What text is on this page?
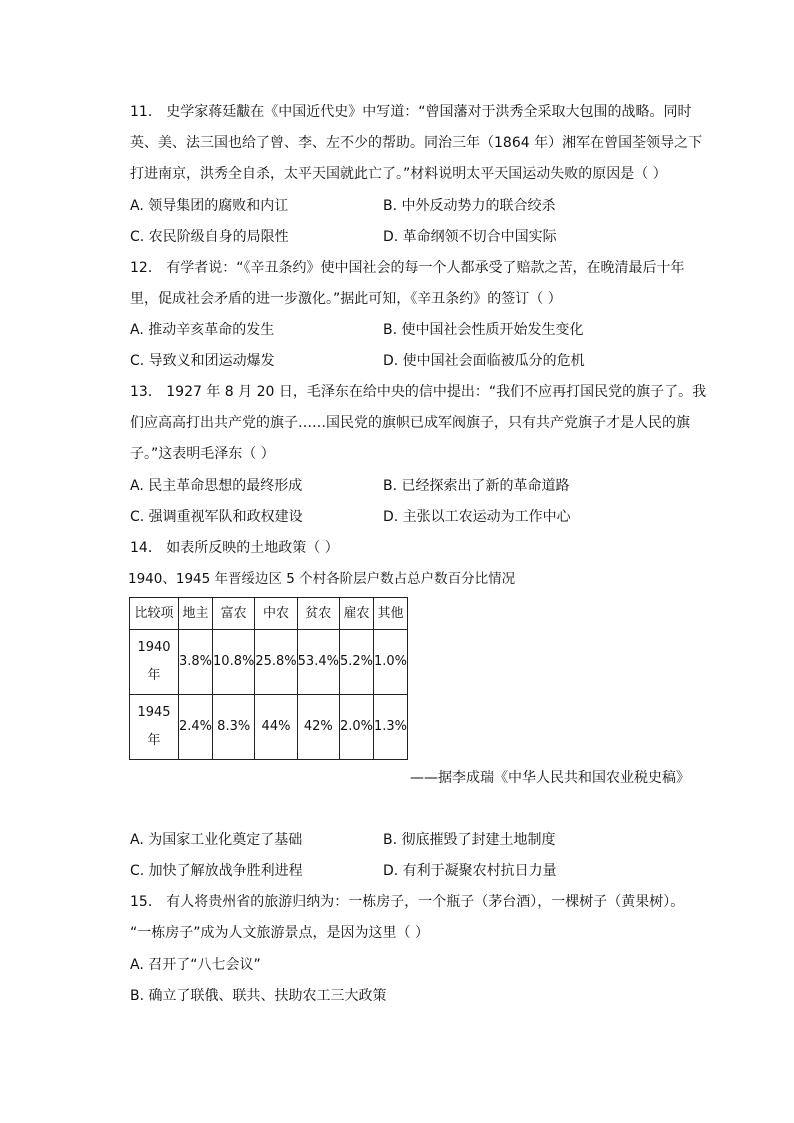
11． 史学家蒋廷黻在《中国近代史》中写道：“曾国藩对于洪秀全采取大包围的战略。同时
英、美、法三国也给了曾、李、左不少的帮助。同治三年（1864 年）湘军在曾国荃领导之下
打进南京，洪秀全自杀，太平天国就此亡了。”材料说明太平天国运动失败的原因是（ ）
A. 领导集团的腐败和内讧	B. 中外反动势力的联合绞杀
C. 农民阶级自身的局限性	D. 革命纲领不切合中国实际
12． 有学者说：“《辛丑条约》使中国社会的每一个人都承受了赔款之苦，在晚清最后十年
里，促成社会矛盾的进一步激化。”据此可知，《辛丑条约》的签订（ ）
A. 推动辛亥革命的发生	B. 使中国社会性质开始发生变化
C. 导致义和团运动爆发	D. 使中国社会面临被瓜分的危机
13． 1927 年 8 月 20 日，毛泽东在给中央的信中提出：“我们不应再打国民党的旗子了。我
们应高高打出共产党的旗子……国民党的旗帜已成军阀旗子，只有共产党旗子才是人民的旗
子。”这表明毛泽东（ ）
A. 民主革命思想的最终形成	B. 已经探索出了新的革命道路
C. 强调重视军队和政权建设	D. 主张以工农运动为工作中心
14． 如表所反映的土地政策（ ）
1940、1945 年晋绥边区 5 个村各阶层户数占总户数百分比情况
比较项	地主	富农	中农	贫农	雇农	其他

1940
年	3.8%	10.8%	25.8%	53.4%	5.2%	1.0%

1945
年	2.4%	8.3%	44%	42%	2.0%	1.3%
——据李成瑞《中华人民共和国农业税史稿》
A. 为国家工业化奠定了基础	B. 彻底摧毁了封建土地制度
C. 加快了解放战争胜利进程	D. 有利于凝聚农村抗日力量
15． 有人将贵州省的旅游归纳为：一栋房子，一个瓶子（茅台酒），一棵树子（黄果树）。
“一栋房子”成为人文旅游景点，是因为这里（ ）
A. 召开了“八七会议”
B. 确立了联俄、联共、扶助农工三大政策
